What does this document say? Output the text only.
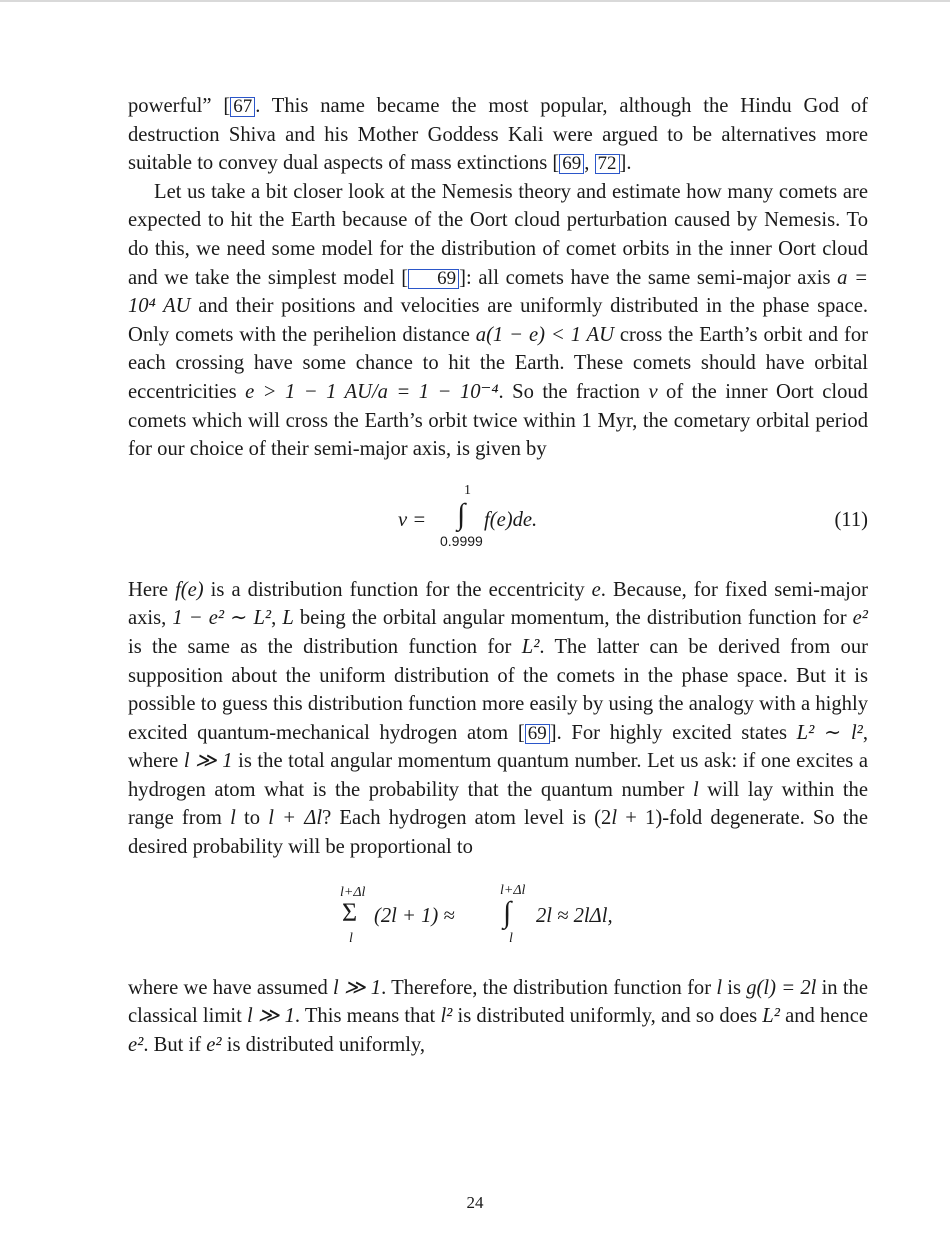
powerful” [ 67 . This name became the most popular, although the Hindu God of destruction Shiva and his Mother Goddess Kali were argued to be alternatives more suitable to convey dual aspects of mass extinctions [ 69 , 72 ].

Let us take a bit closer look at the Nemesis theory and estimate how many comets are expected to hit the Earth because of the Oort cloud perturbation caused by Nemesis. To do this, we need some model for the distribution of comet orbits in the inner Oort cloud and we take the simplest model [ 69 ]: all comets have the same semi-major axis a = 10⁴ AU and their positions and velocities are uniformly distributed in the phase space. Only comets with the perihelion distance a(1 − e) < 1 AU cross the Earth’s orbit and for each crossing have some chance to hit the Earth. These comets should have orbital eccentricities e > 1 − 1 AU/a = 1 − 10⁻⁴. So the fraction ν of the inner Oort cloud comets which will cross the Earth’s orbit twice within 1 Myr, the cometary orbital period for our choice of their semi-major axis, is given by

ν =
1
∫
0.9999
f(e)de.	(11)

Here f(e) is a distribution function for the eccentricity e. Because, for fixed semi-major axis, 1 − e² ∼ L², L being the orbital angular momentum, the distribution function for e² is the same as the distribution function for L². The latter can be derived from our supposition about the uniform distribution of the comets in the phase space. But it is possible to guess this distribution function more easily by using the analogy with a highly excited quantum-mechanical hydrogen atom [ 69 ]. For highly excited states L² ∼ l², where l ≫ 1 is the total angular momentum quantum number. Let us ask: if one excites a hydrogen atom what is the probability that the quantum number l will lay within the range from l to l + Δl? Each hydrogen atom level is (2l + 1)-fold degenerate. So the desired probability will be proportional to

l+Δl
Σ
l
(2l + 1) ≈
l+Δl
∫
l
2l ≈ 2lΔl,

where we have assumed l ≫ 1. Therefore, the distribution function for l is g(l) = 2l in the classical limit l ≫ 1. This means that l² is distributed uniformly, and so does L² and hence e². But if e² is distributed uniformly,

24
